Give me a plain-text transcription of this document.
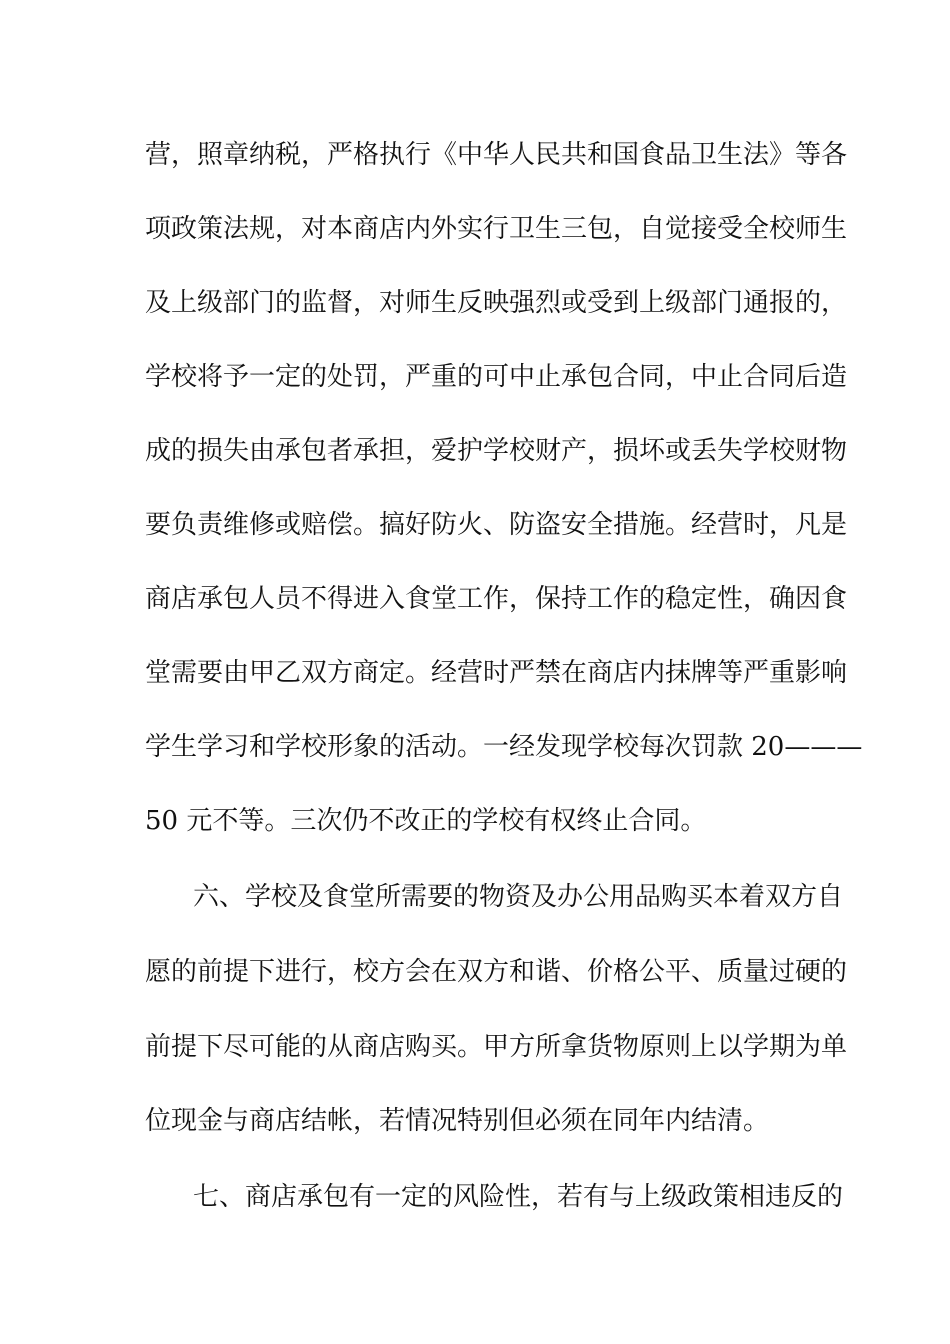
营，照章纳税，严格执行《中华人民共和国食品卫生法》等各
项政策法规，对本商店内外实行卫生三包，自觉接受全校师生
及上级部门的监督，对师生反映强烈或受到上级部门通报的，
学校将予一定的处罚，严重的可中止承包合同，中止合同后造
成的损失由承包者承担，爱护学校财产，损坏或丢失学校财物
要负责维修或赔偿。搞好防火、防盗安全措施。经营时，凡是
商店承包人员不得进入食堂工作，保持工作的稳定性，确因食
堂需要由甲乙双方商定。经营时严禁在商店内抹牌等严重影响
学生学习和学校形象的活动。一经发现学校每次罚款 20———
50 元不等。三次仍不改正的学校有权终止合同。
六、学校及食堂所需要的物资及办公用品购买本着双方自
愿的前提下进行，校方会在双方和谐、价格公平、质量过硬的
前提下尽可能的从商店购买。甲方所拿货物原则上以学期为单
位现金与商店结帐，若情况特别但必须在同年内结清。
七、商店承包有一定的风险性，若有与上级政策相违反的
